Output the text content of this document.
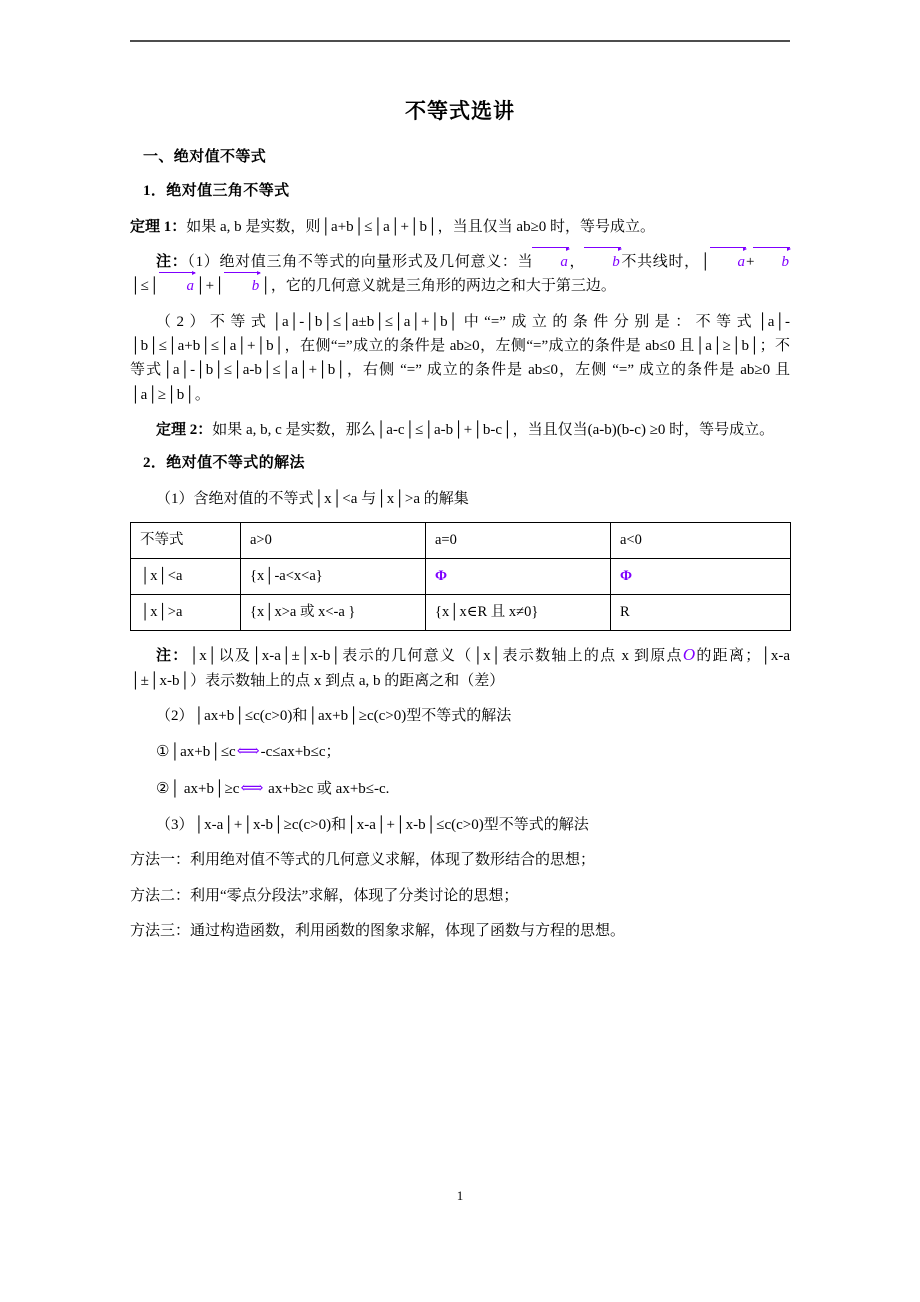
不等式选讲
一、绝对值不等式
1．绝对值三角不等式

定理 1：如果 a, b 是实数，则│a+b│≤│a│+│b│，当且仅当 ab≥0 时，等号成立。

注：（1）绝对值三角不等式的向量形式及几何意义：当 a， b不共线时，│ a+ b│≤│ a│+│ b│，它的几何意义就是三角形的两边之和大于第三边。

（2）不等式│a│-│b│≤│a±b│≤│a│+│b│中“=”成立的条件分别是：不等式│a│-│b│≤│a+b│≤│a│+│b│，在侧“=”成立的条件是 ab≥0，左侧“=”成立的条件是 ab≤0 且│a│≥│b│；不等式│a│-│b│≤│a-b│≤│a│+│b│，右侧 “=” 成立的条件是 ab≤0，左侧 “=” 成立的条件是 ab≥0 且│a│≥│b│。

定理 2：如果 a, b, c 是实数，那么│a-c│≤│a-b│+│b-c│，当且仅当(a-b)(b-c) ≥0 时，等号成立。

2．绝对值不等式的解法

（1）含绝对值的不等式│x│<a 与│x│>a 的解集

不等式	a>0	a=0	a<0
│x│<a	{x│-a<x<a}	Φ	Φ
│x│>a	{x│x>a 或 x<-a }	{x│x∈R 且 x≠0}	R

注：│x│以及│x-a│±│x-b│表示的几何意义（│x│表示数轴上的点 x 到原点O的距离；│x-a │±│x-b│）表示数轴上的点 x 到点 a, b 的距离之和（差）

（2）│ax+b│≤c(c>0)和│ax+b│≥c(c>0)型不等式的解法

①│ax+b│≤c⟺-c≤ax+b≤c；

②│ ax+b│≥c⟺ ax+b≥c 或 ax+b≤-c.

（3）│x-a│+│x-b│≥c(c>0)和│x-a│+│x-b│≤c(c>0)型不等式的解法

方法一：利用绝对值不等式的几何意义求解，体现了数形结合的思想；

方法二：利用“零点分段法”求解，体现了分类讨论的思想；

方法三：通过构造函数，利用函数的图象求解，体现了函数与方程的思想。

1
